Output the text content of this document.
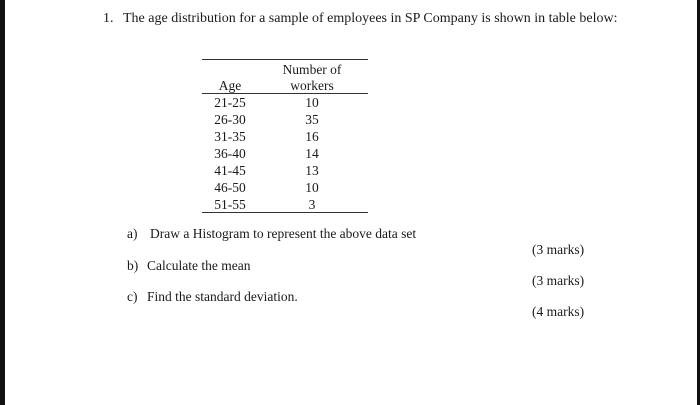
1. The age distribution for a sample of employees in SP Company is shown in table below:
Number of
Age	workers
21-25	10
26-30	35
31-35	16
36-40	14
41-45	13
46-50	10
51-55	3
a) Draw a Histogram to represent the above data set
(3 marks)
b) Calculate the mean
(3 marks)
c) Find the standard deviation.
(4 marks)
